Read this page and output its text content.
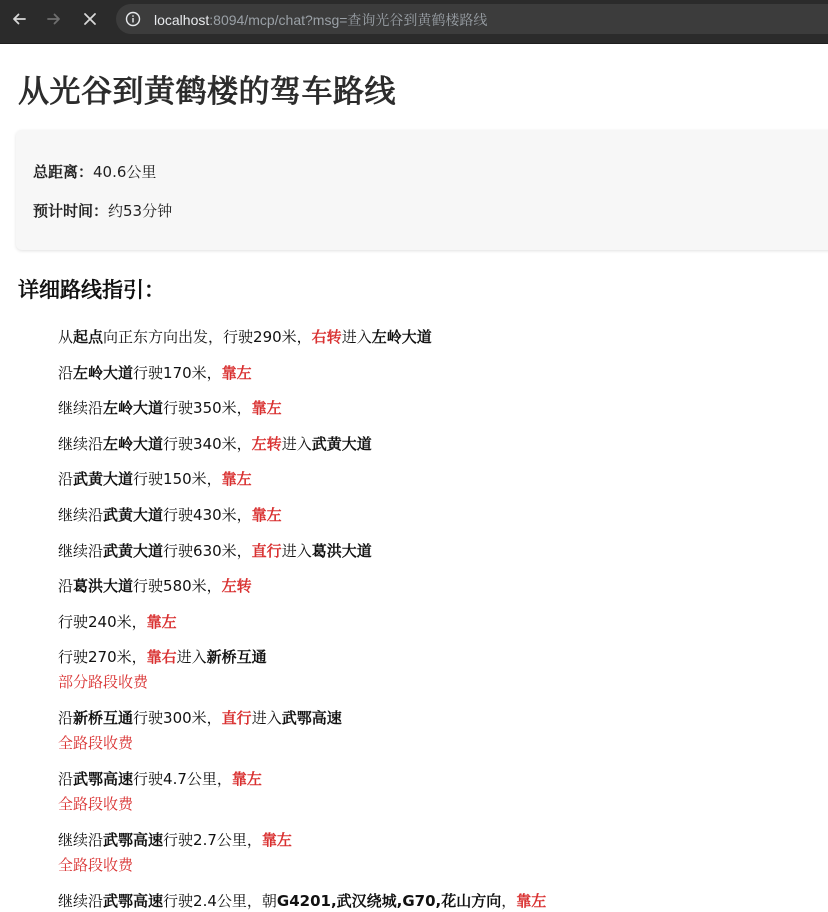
localhost:8094/mcp/chat?msg=查询光谷到黄鹤楼路线
从光谷到黄鹤楼的驾车路线
总距离：40.6公里
预计时间：约53分钟
详细路线指引：
从起点向正东方向出发，行驶290米，右转进入左岭大道
沿左岭大道行驶170米，靠左
继续沿左岭大道行驶350米，靠左
继续沿左岭大道行驶340米，左转进入武黄大道
沿武黄大道行驶150米，靠左
继续沿武黄大道行驶430米，靠左
继续沿武黄大道行驶630米，直行进入葛洪大道
沿葛洪大道行驶580米，左转
行驶240米，靠左
行驶270米，靠右进入新桥互通
部分路段收费
沿新桥互通行驶300米，直行进入武鄂高速
全路段收费
沿武鄂高速行驶4.7公里，靠左
全路段收费
继续沿武鄂高速行驶2.7公里，靠左
全路段收费
继续沿武鄂高速行驶2.4公里，朝G4201,武汉绕城,G70,花山方向，靠左
